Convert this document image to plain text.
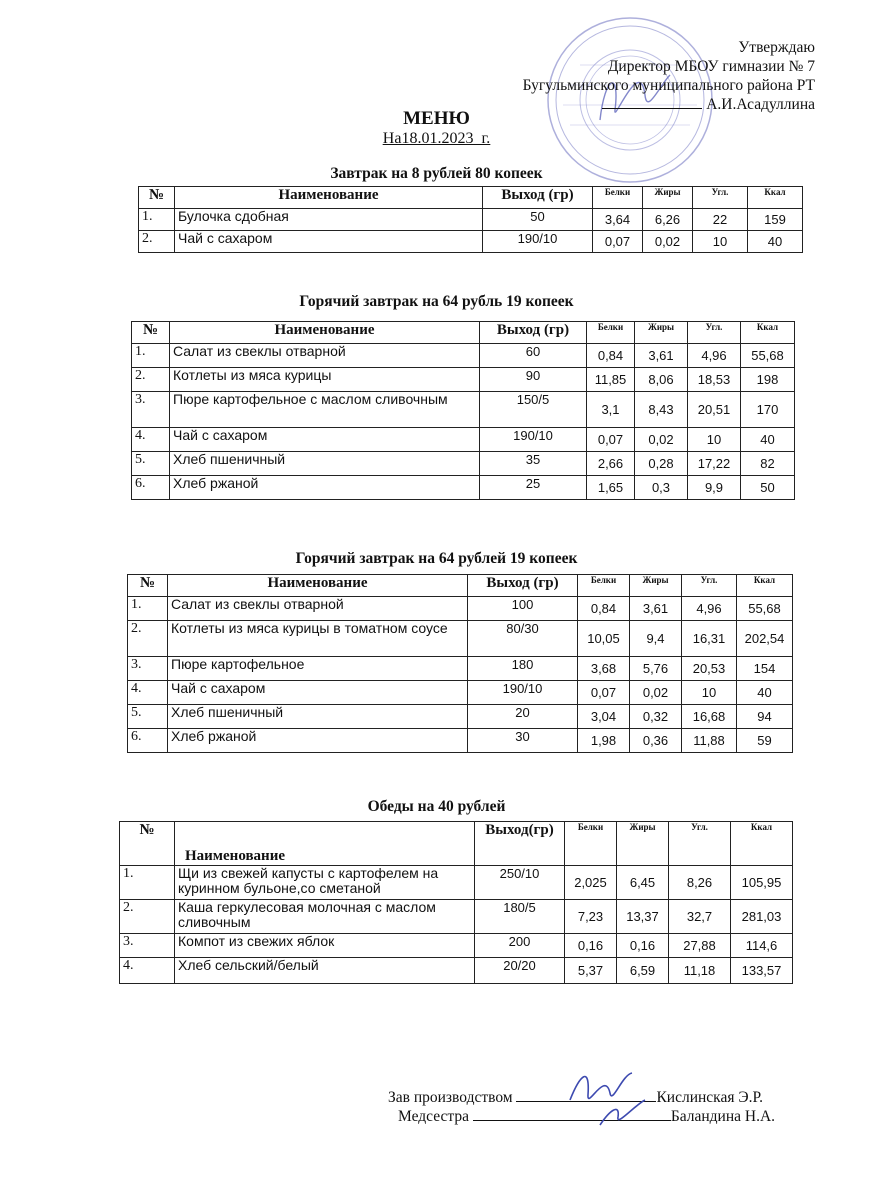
Утверждаю
Директор МБОУ гимназии № 7
Бугульминского муниципального района РТ
А.И.Асадуллина
МЕНЮ
На18.01.2023_г.
Завтрак на 8 рублей 80 копеек
№	Наименование	Выход (гр)	Белки	Жиры	Угл.	Ккал
1.	Булочка сдобная	50	3,64	6,26	22	159
2.	Чай с сахаром	190/10	0,07	0,02	10	40
Горячий завтрак на 64 рубль 19 копеек
№	Наименование	Выход (гр)	Белки	Жиры	Угл.	Ккал
1.	Салат из свеклы отварной	60	0,84	3,61	4,96	55,68
2.	Котлеты из мяса курицы	90	11,85	8,06	18,53	198
3.	Пюре картофельное с маслом сливочным	150/5	3,1	8,43	20,51	170
4.	Чай с сахаром	190/10	0,07	0,02	10	40
5.	Хлеб пшеничный	35	2,66	0,28	17,22	82
6.	Хлеб ржаной	25	1,65	0,3	9,9	50
Горячий завтрак на 64 рублей 19 копеек
№	Наименование	Выход (гр)	Белки	Жиры	Угл.	Ккал
1.	Салат из свеклы отварной	100	0,84	3,61	4,96	55,68
2.	Котлеты из мяса курицы в томатном соусе	80/30	10,05	9,4	16,31	202,54
3.	Пюре картофельное	180	3,68	5,76	20,53	154
4.	Чай с сахаром	190/10	0,07	0,02	10	40
5.	Хлеб пшеничный	20	3,04	0,32	16,68	94
6.	Хлеб ржаной	30	1,98	0,36	11,88	59
Обеды на 40 рублей
№	Наименование	Выход(гр)	Белки	Жиры	Угл.	Ккал
1.	Щи из свежей капусты с картофелем на куринном бульоне,со сметаной	250/10	2,025	6,45	8,26	105,95
2.	Каша геркулесовая молочная с маслом сливочным	180/5	7,23	13,37	32,7	281,03
3.	Компот из свежих яблок	200	0,16	0,16	27,88	114,6
4.	Хлеб сельский/белый	20/20	5,37	6,59	11,18	133,57
Зав производством	Кислинская Э.Р.
Медсестра	Баландина Н.А.
